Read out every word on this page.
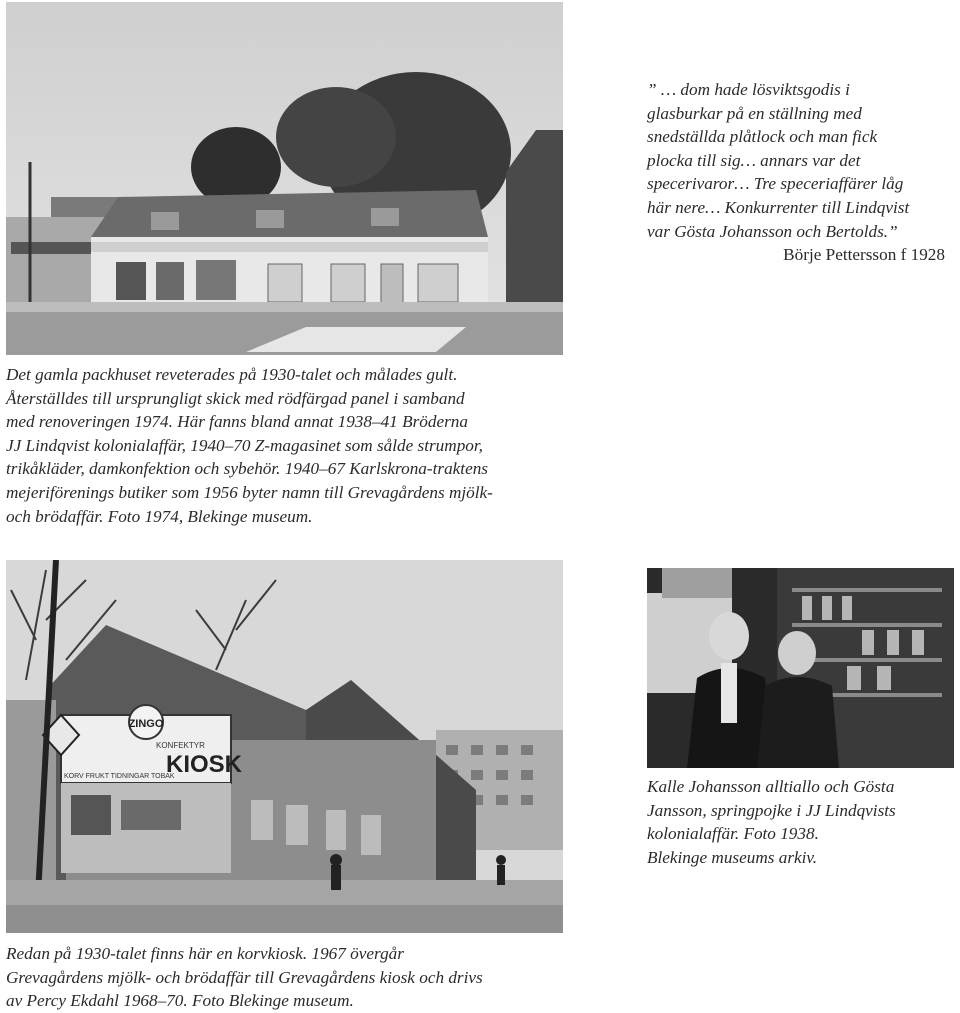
Det gamla packhuset reveterades på 1930-talet och målades gult.
Återställdes till ursprungligt skick med rödfärgad panel i samband
med renoveringen 1974. Här fanns bland annat 1938–41 Bröderna
JJ Lindqvist kolonialaffär, 1940–70 Z-magasinet som sålde strumpor,
trikåkläder, damkonfektion och sybehör. 1940–67 Karlskrona-traktens
mejeriförenings butiker som 1956 byter namn till Grevagårdens mjölk-
och brödaffär. Foto 1974, Blekinge museum.
” … dom hade lösviktsgodis i
glasburkar på en ställning med
snedställda plåtlock och man fick
plocka till sig… annars var det
specerivaror… Tre speceriaffärer låg
här nere… Konkurrenter till Lindqvist
var Gösta Johansson och Bertolds.”
Börje Pettersson f 1928
ZINGO
KIOSK
KONFEKTYR
KORV FRUKT TIDNINGAR TOBAK
Redan på 1930-talet finns här en korvkiosk. 1967 övergår
Grevagårdens mjölk- och brödaffär till Grevagårdens kiosk och drivs
av Percy Ekdahl 1968–70. Foto Blekinge museum.
Kalle Johansson alltiallo och Gösta
Jansson, springpojke i JJ Lindqvists
kolonialaffär. Foto 1938.
Blekinge museums arkiv.
